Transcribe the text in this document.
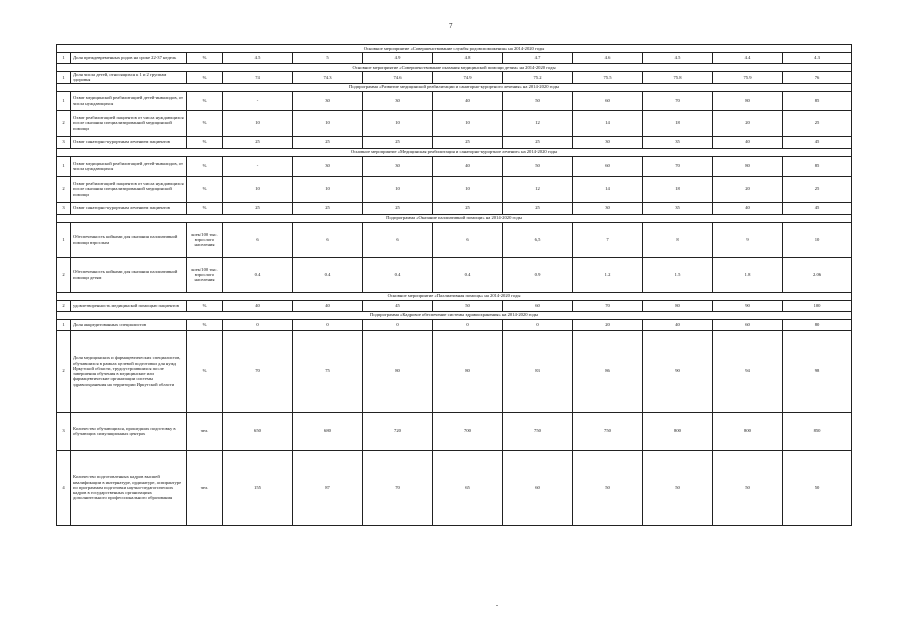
7
Основное мероприятие «Совершенствование службы родовспоможения» на 2014-2020 годы											
1	Доля преждевременных родов на сроке 22-37 недель	%	4.5	5	4.9	4.8	4.7	4.6	4.5	4.4	4.3
Основное мероприятие «Совершенствование оказания медицинской помощи детям» на 2014-2020 годы											
1	Доля числа детей, относящихся к 1 и 2 группам здоровья	%	74	74.3	74.6	74.9	75.2	75.5	75.8	75.9	76
Подпрограмма «Развитие медицинской реабилитации и санаторно-курортного лечения» на 2014-2020 годы											
1	Охват медицинской реабилитацией детей-инвалидов, от числа нуждающихся	%	-	30	30	40	50	60	70	80	85
2	Охват реабилитацией пациентов от числа нуждающихся после оказания специализированной медицинской помощи	%	10	10	10	10	12	14	18	20	25
3	Охват санаторно-курортным лечением пациентов	%	25	25	25	25	25	30	35	40	45
Основное мероприятие «Медицинская реабилитация и санаторно-курортное лечение» на 2014-2020 годы											
1	Охват медицинской реабилитацией детей-инвалидов, от числа нуждающихся	%	-	30	30	40	50	60	70	80	85
2	Охват реабилитацией пациентов от числа нуждающихся после оказания специализированной медицинской помощи	%	10	10	10	10	12	14	18	20	25
3	Охват санаторно-курортным лечением пациентов	%	25	25	25	25	25	30	35	40	45
Подпрограмма «Оказание паллиативной помощи» на 2014-2020 годы											
1	Обеспеченность койками для оказания паллиативной помощи взрослым	коек/100 тыс. взрослого населения	6	6	6	6	6,5	7	8	9	10
2	Обеспеченность койками для оказания паллиативной помощи детям	коек/100 тыс. взрослого населения	0.4	0.4	0.4	0.4	0.9	1.2	1.5	1.8	2.06
Основное мероприятие «Паллиативная помощь» на 2014-2020 годы											
2	удовлетворенность медицинской помощью пациентов	%	40	40	45	50	60	70	80	90	100
Подпрограмма «Кадровое обеспечение системы здравоохранения» на 2014-2020 годы											
1	Доля аккредитованных специалистов	%	0	0	0	0	0	20	40	60	80
2	Доля медицинских и фармацевтических специалистов, обучавшихся в рамках целевой подготовки для нужд Иркутской области, трудоустроившихся после завершения обучения в медицинские или фармацевтические организации системы здравоохранения на территории Иркутской области	%	70	75	80	80	83	86	90	94	98
3	Количество обучающихся, прошедших подготовку в обучающих симуляционных центрах	чел.	650	680	720	700	750	750	800	800	850
4	Количество подготовленных кадров высшей квалификации в интернатуре, ординатуре, аспирантуре по программам подготовки научно-педагогических кадров в государственных организациях дополнительного профессионального образования	чел.	155	87	70	65	60	50	50	50	50
